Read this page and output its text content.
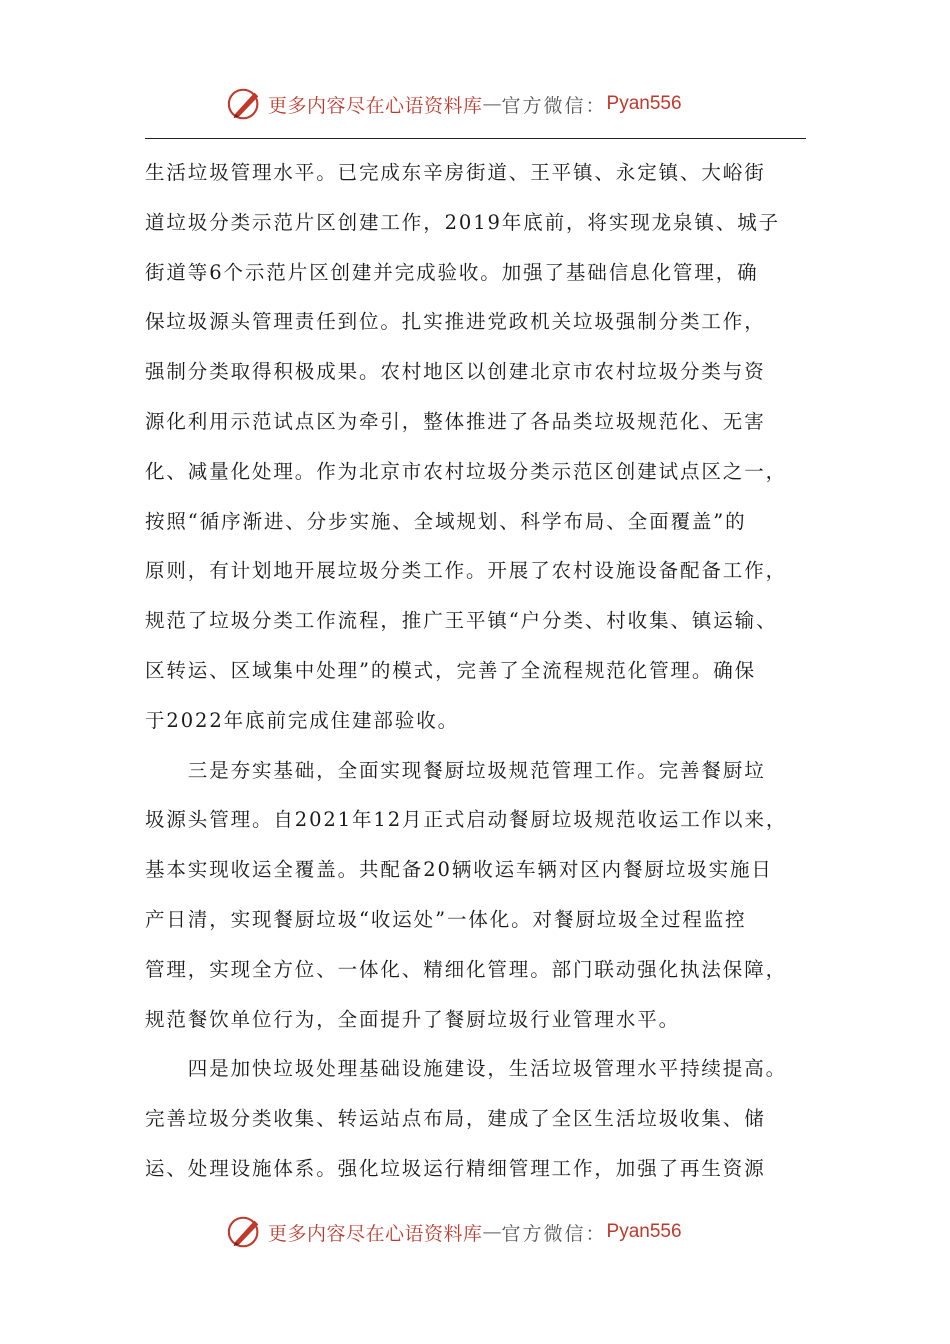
更多内容尽在心语资料库 — 官方微信： Pyan556
生活垃圾管理水平。已完成东辛房街道、王平镇、永定镇、大峪街
道垃圾分类示范片区创建工作，2019年底前，将实现龙泉镇、城子
街道等6个示范片区创建并完成验收。加强了基础信息化管理，确
保垃圾源头管理责任到位。扎实推进党政机关垃圾强制分类工作，
强制分类取得积极成果。农村地区以创建北京市农村垃圾分类与资
源化利用示范试点区为牵引，整体推进了各品类垃圾规范化、无害
化、减量化处理。作为北京市农村垃圾分类示范区创建试点区之一，
按照“循序渐进、分步实施、全域规划、科学布局、全面覆盖”的
原则，有计划地开展垃圾分类工作。开展了农村设施设备配备工作，
规范了垃圾分类工作流程，推广王平镇“户分类、村收集、镇运输、
区转运、区域集中处理”的模式，完善了全流程规范化管理。确保
于2022年底前完成住建部验收。
　　三是夯实基础，全面实现餐厨垃圾规范管理工作。完善餐厨垃
圾源头管理。自2021年12月正式启动餐厨垃圾规范收运工作以来，
基本实现收运全覆盖。共配备20辆收运车辆对区内餐厨垃圾实施日
产日清，实现餐厨垃圾“收运处”一体化。对餐厨垃圾全过程监控
管理，实现全方位、一体化、精细化管理。部门联动强化执法保障，
规范餐饮单位行为，全面提升了餐厨垃圾行业管理水平。
　　四是加快垃圾处理基础设施建设，生活垃圾管理水平持续提高。
完善垃圾分类收集、转运站点布局，建成了全区生活垃圾收集、储
运、处理设施体系。强化垃圾运行精细管理工作，加强了再生资源
更多内容尽在心语资料库 — 官方微信： Pyan556
